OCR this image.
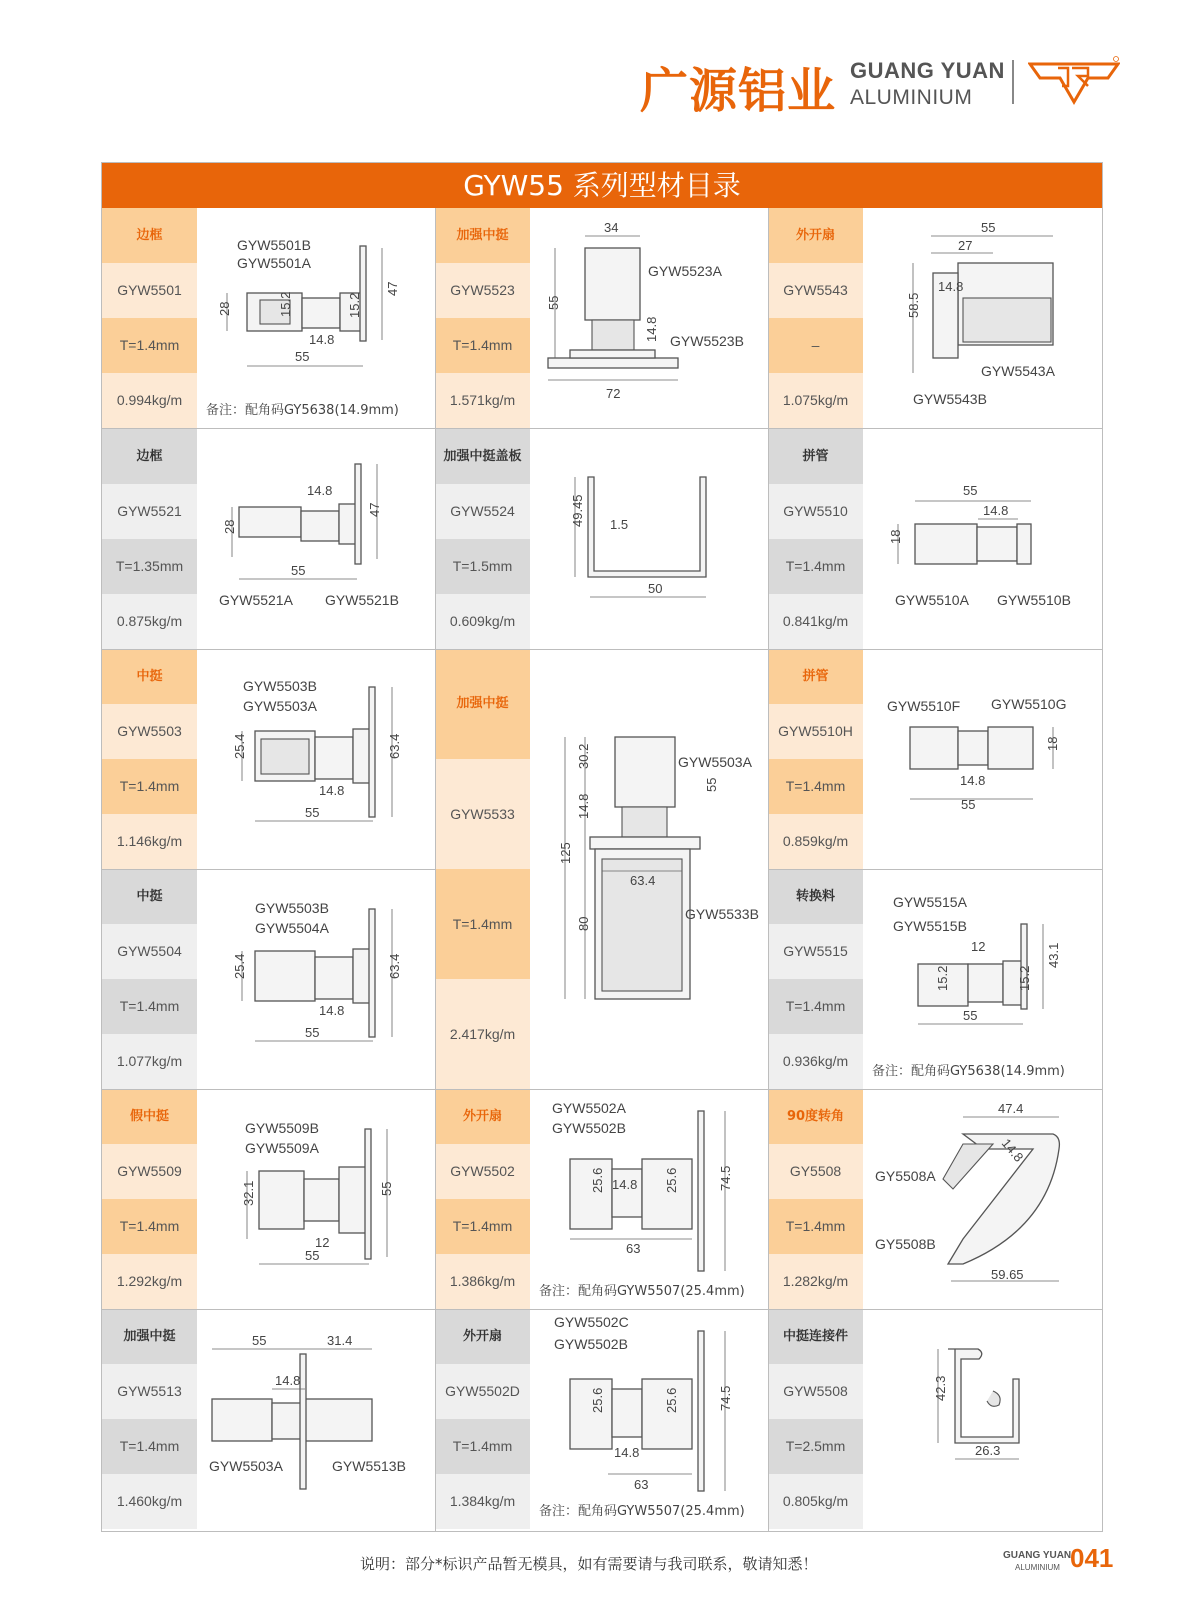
广源铝业 GUANG YUAN
ALUMINIUM
GYW55 系列型材目录
边框
GYW5501
T=1.4mm
0.994kg/m
GYW5501B
GYW5501A
28	15.2
14.8
15.2
47
55
备注：配角码GY5638(14.9mm)
加强中挺
GYW5523
T=1.4mm
1.571kg/m
34
GYW5523A
55
14.8 GYW5523B
72
外开扇
GYW5543
–
1.075kg/m
55
27
14.8
58.5
GYW5543A
GYW5543B
边框
GYW5521
T=1.35mm
0.875kg/m
14.8
28
47
55
GYW5521A GYW5521B
加强中挺盖板
GYW5524
T=1.5mm
0.609kg/m
49.45 1.5
50
拼管
GYW5510
T=1.4mm
0.841kg/m
55
14.8
18
GYW5510A GYW5510B
中挺
GYW5503
T=1.4mm
1.146kg/m
GYW5503B
GYW5503A
25.4
14.8
63.4
55
加强中挺
GYW5533
T=1.4mm
2.417kg/m
30.2	GYW5503A
14.8
55
125
63.4
GYW5533B
80
拼管
GYW5510H
T=1.4mm
0.859kg/m
GYW5510F GYW5510G
18
14.8
55
中挺
GYW5504
T=1.4mm
1.077kg/m
GYW5503B
GYW5504A
25.4
14.8
63.4
55
转换料
GYW5515
T=1.4mm
0.936kg/m
GYW5515A
GYW5515B
12
15.2	15.2
43.1
55
备注：配角码GY5638(14.9mm)
假中挺
GYW5509
T=1.4mm
1.292kg/m
GYW5509B
GYW5509A
32.1
12
55
55
外开扇
GYW5502
T=1.4mm
1.386kg/m
GYW5502A
GYW5502B
25.6 14.8 25.6	74.5
63
备注：配角码GYW5507(25.4mm)
90度转角
GY5508
T=1.4mm
1.282kg/m
47.4
14.8
GY5508A
GY5508B
59.65
加强中挺
GYW5513
T=1.4mm
1.460kg/m
55	31.4
14.8
GYW5503A	GYW5513B
外开扇
GYW5502D
T=1.4mm
1.384kg/m
GYW5502C
GYW5502B
25.6	25.6	74.5
14.8
63
备注：配角码GYW5507(25.4mm)
中挺连接件
GYW5508
T=2.5mm
0.805kg/m
42.3
26.3
说明：部分*标识产品暂无模具，如有需要请与我司联系，敬请知悉！	GUANG YUAN
ALUMINIUM 041
